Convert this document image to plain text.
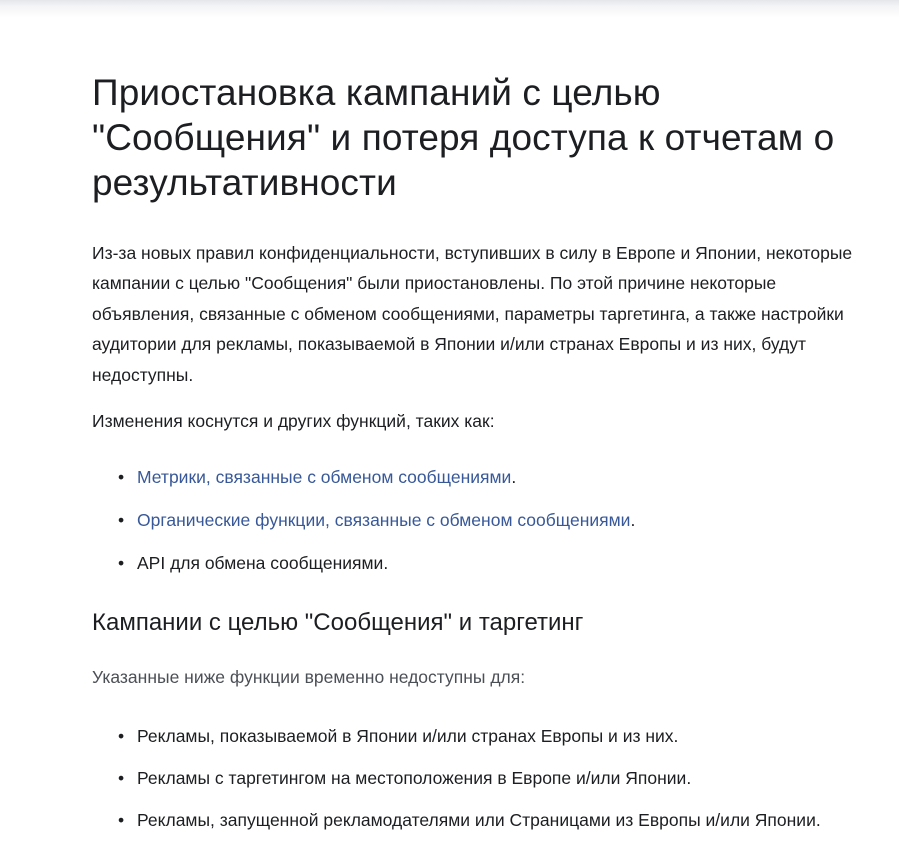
Приостановка кампаний с целью "Сообщения" и потеря доступа к отчетам о результативности

Из-за новых правил конфиденциальности, вступивших в силу в Европе и Японии, некоторые кампании с целью "Сообщения" были приостановлены. По этой причине некоторые объявления, связанные с обменом сообщениями, параметры таргетинга, а также настройки аудитории для рекламы, показываемой в Японии и/или странах Европы и из них, будут недоступны.

Изменения коснутся и других функций, таких как:

• Метрики, связанные с обменом сообщениями.
• Органические функции, связанные с обменом сообщениями.
• API для обмена сообщениями.
Кампании с целью "Сообщения" и таргетинг

Указанные ниже функции временно недоступны для:

• Рекламы, показываемой в Японии и/или странах Европы и из них.
• Рекламы с таргетингом на местоположения в Европе и/или Японии.
• Рекламы, запущенной рекламодателями или Страницами из Европы и/или Японии.
